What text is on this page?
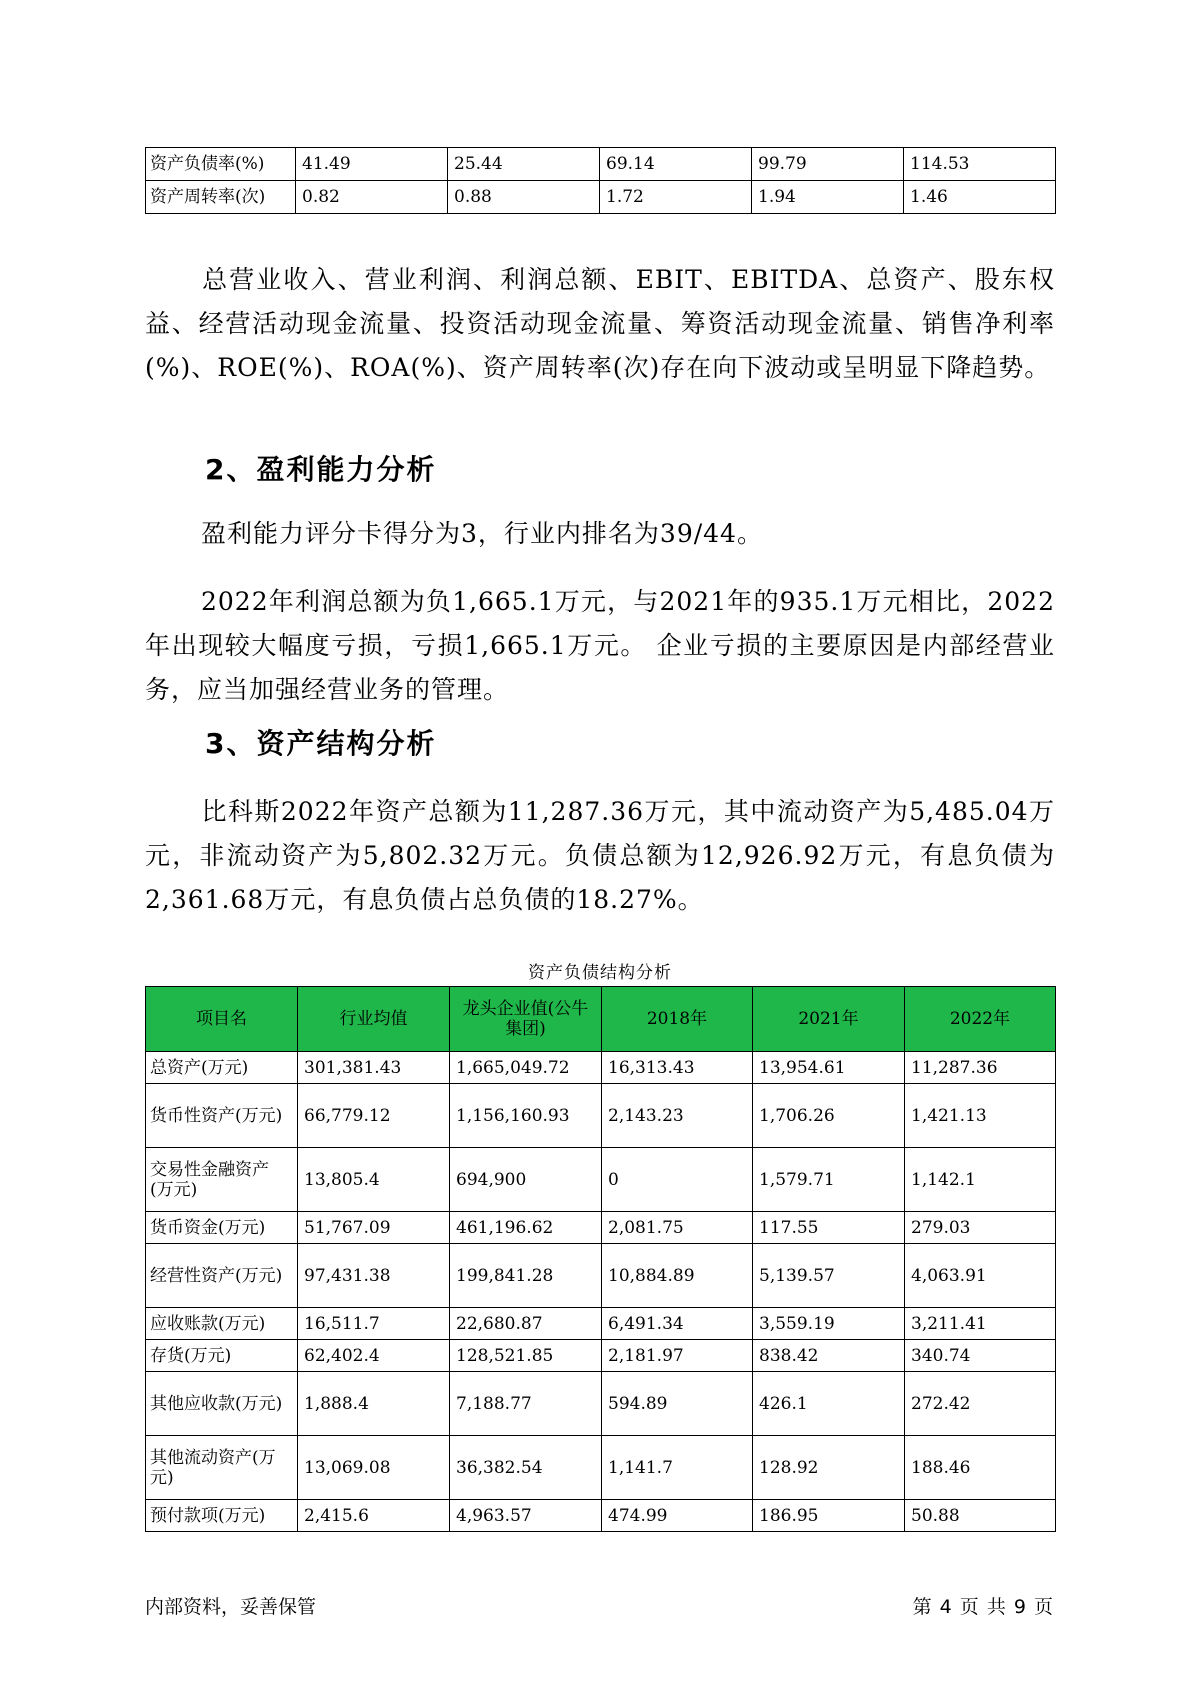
资产负债率(%)	41.49	25.44	69.14	99.79	114.53
资产周转率(次)	0.82	0.88	1.72	1.94	1.46

总营业收入、营业利润、利润总额、EBIT、EBITDA、总资产、股东权益、经营活动现金流量、投资活动现金流量、筹资活动现金流量、销售净利率(%)、ROE(%)、ROA(%)、资产周转率(次)存在向下波动或呈明显下降趋势。

2、盈利能力分析

盈利能力评分卡得分为3，行业内排名为39/44。

2022年利润总额为负1,665.1万元，与2021年的935.1万元相比，2022年出现较大幅度亏损，亏损1,665.1万元。 企业亏损的主要原因是内部经营业务，应当加强经营业务的管理。

3、资产结构分析

比科斯2022年资产总额为11,287.36万元，其中流动资产为5,485.04万元，非流动资产为5,802.32万元。负债总额为12,926.92万元，有息负债为2,361.68万元，有息负债占总负债的18.27%。

资产负债结构分析
项目名	行业均值	龙头企业值(公牛集团)	2018年	2021年	2022年
总资产(万元)	301,381.43	1,665,049.72	16,313.43	13,954.61	11,287.36
货币性资产(万元)	66,779.12	1,156,160.93	2,143.23	1,706.26	1,421.13
交易性金融资产(万元)	13,805.4	694,900	0	1,579.71	1,142.1
货币资金(万元)	51,767.09	461,196.62	2,081.75	117.55	279.03
经营性资产(万元)	97,431.38	199,841.28	10,884.89	5,139.57	4,063.91
应收账款(万元)	16,511.7	22,680.87	6,491.34	3,559.19	3,211.41
存货(万元)	62,402.4	128,521.85	2,181.97	838.42	340.74
其他应收款(万元)	1,888.4	7,188.77	594.89	426.1	272.42
其他流动资产(万元)	13,069.08	36,382.54	1,141.7	128.92	188.46
预付款项(万元)	2,415.6	4,963.57	474.99	186.95	50.88
内部资料，妥善保管	第 4 页 共 9 页
